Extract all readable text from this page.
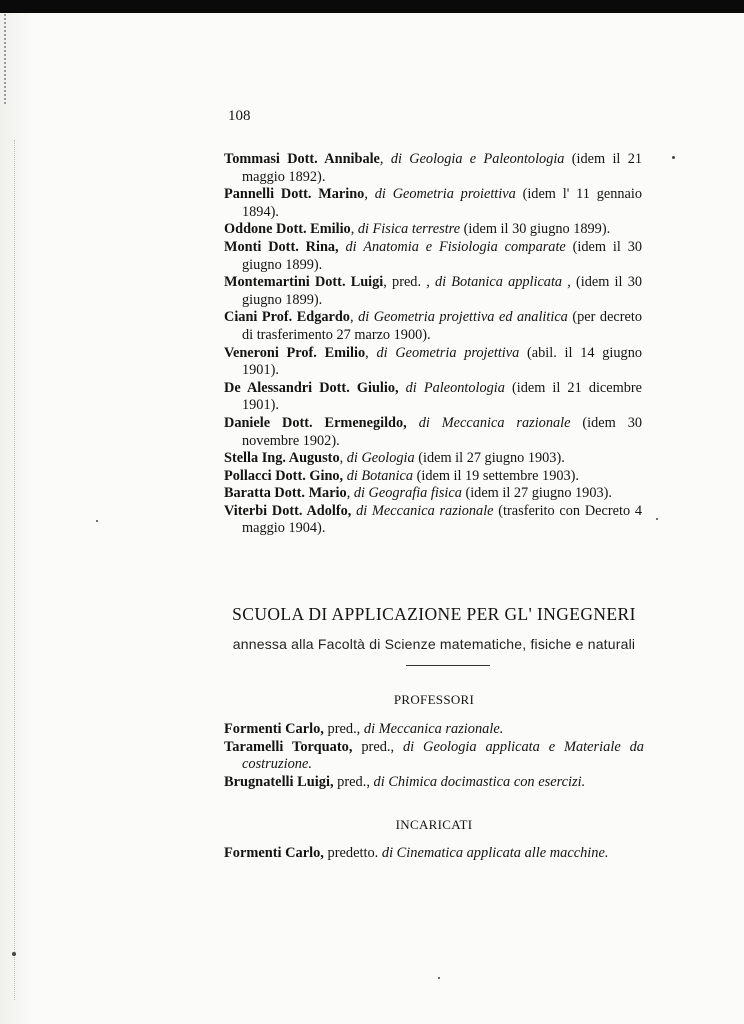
108
Tommasi Dott. Annibale, di Geologia e Paleontologia (idem il 21 maggio 1892).
Pannelli Dott. Marino, di Geometria proiettiva (idem l' 11 gennaio 1894).
Oddone Dott. Emilio, di Fisica terrestre (idem il 30 giugno 1899).
Monti Dott. Rina, di Anatomia e Fisiologia comparate (idem il 30 giugno 1899).
Montemartini Dott. Luigi, pred. , di Botanica applicata , (idem il 30 giugno 1899).
Ciani Prof. Edgardo, di Geometria projettiva ed analitica (per decreto di trasferimento 27 marzo 1900).
Veneroni Prof. Emilio, di Geometria projettiva (abil. il 14 giugno 1901).
De Alessandri Dott. Giulio, di Paleontologia (idem il 21 dicembre 1901).
Daniele Dott. Ermenegildo, di Meccanica razionale (idem 30 novembre 1902).
Stella Ing. Augusto, di Geologia (idem il 27 giugno 1903).
Pollacci Dott. Gino, di Botanica (idem il 19 settembre 1903).
Baratta Dott. Mario, di Geografia fisica (idem il 27 giugno 1903).
Viterbi Dott. Adolfo, di Meccanica razionale (trasferito con Decreto 4 maggio 1904).
SCUOLA DI APPLICAZIONE PER GL' INGEGNERI
annessa alla Facoltà di Scienze matematiche, fisiche e naturali
PROFESSORI
Formenti Carlo, pred., di Meccanica razionale.
Taramelli Torquato, pred., di Geologia applicata e Materiale da costruzione.
Brugnatelli Luigi, pred., di Chimica docimastica con esercizi.
INCARICATI
Formenti Carlo, predetto. di Cinematica applicata alle macchine.
